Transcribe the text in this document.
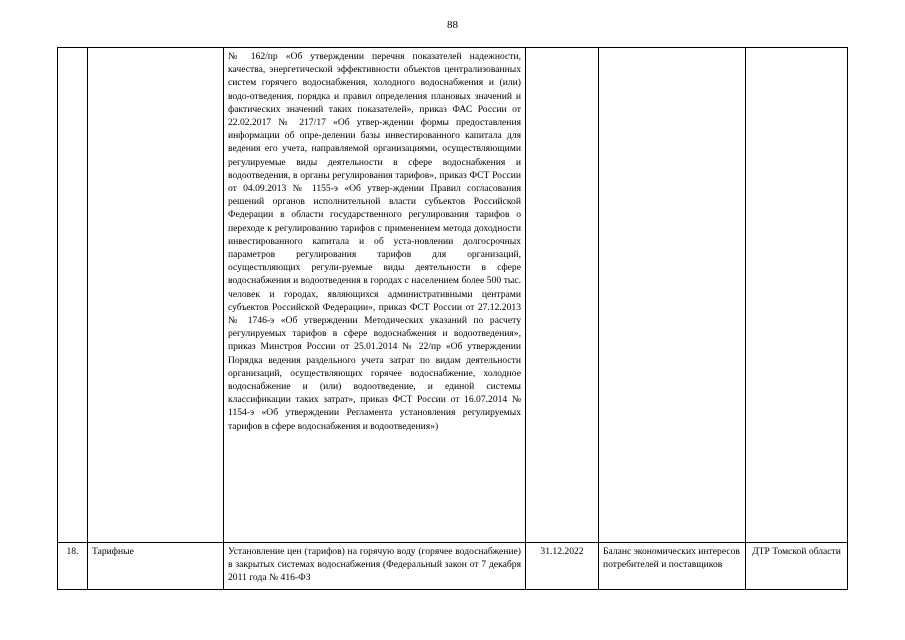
88
		№ 162/пр «Об утверждении перечня показателей надежности, качества, энергетической эффективности объектов централизованных систем горячего водоснабжения, холодного водоснабжения и (или) водо-отведения, порядка и правил определения плановых значений и фактических значений таких показателей», приказ ФАС России от 22.02.2017 № 217/17 «Об утвер-ждении формы предоставления информации об опре-делении базы инвестированного капитала для ведения его учета, направляемой организациями, осуществляющими регулируемые виды деятельности в сфере водоснабжения и водоотведения, в органы регулирования тарифов», приказ ФСТ России от 04.09.2013 № 1155-э «Об утвер-ждении Правил согласования решений органов исполнительной власти субъектов Российской Федерации в области государственного регулирования тарифов о переходе к регулированию тарифов с применением метода доходности инвестированного капитала и об уста-новлении долгосрочных параметров регулирования тарифов для организаций, осуществляющих регули-руемые виды деятельности в сфере водоснабжения и водоотведения в городах с населением более 500 тыс. человек и городах, являющихся административными центрами субъектов Российской Федерации», приказ ФСТ России от 27.12.2013 № 1746-э «Об утверждении Методических указаний по расчету регулируемых тарифов в сфере водоснабжения и водоотведения», приказ Минстроя России от 25.01.2014 № 22/пр «Об утверждении Порядка ведения раздельного учета затрат по видам деятельности организаций, осуществляющих горячее водоснабжение, холодное водоснабжение и (или) водоотведение, и единой системы классификации таких затрат», приказ ФСТ России от 16.07.2014 № 1154-э «Об утверждении Регламента установления регулируемых тарифов в сфере водоснабжения и водоотведения»)			
18.	Тарифные	Установление цен (тарифов) на горячую воду (горячее водоснабжение) в закрытых системах водоснабжения (Федеральный закон от 7 декабря 2011 года № 416-ФЗ	31.12.2022	Баланс экономических интересов потребителей и поставщиков	ДТР Томской области
